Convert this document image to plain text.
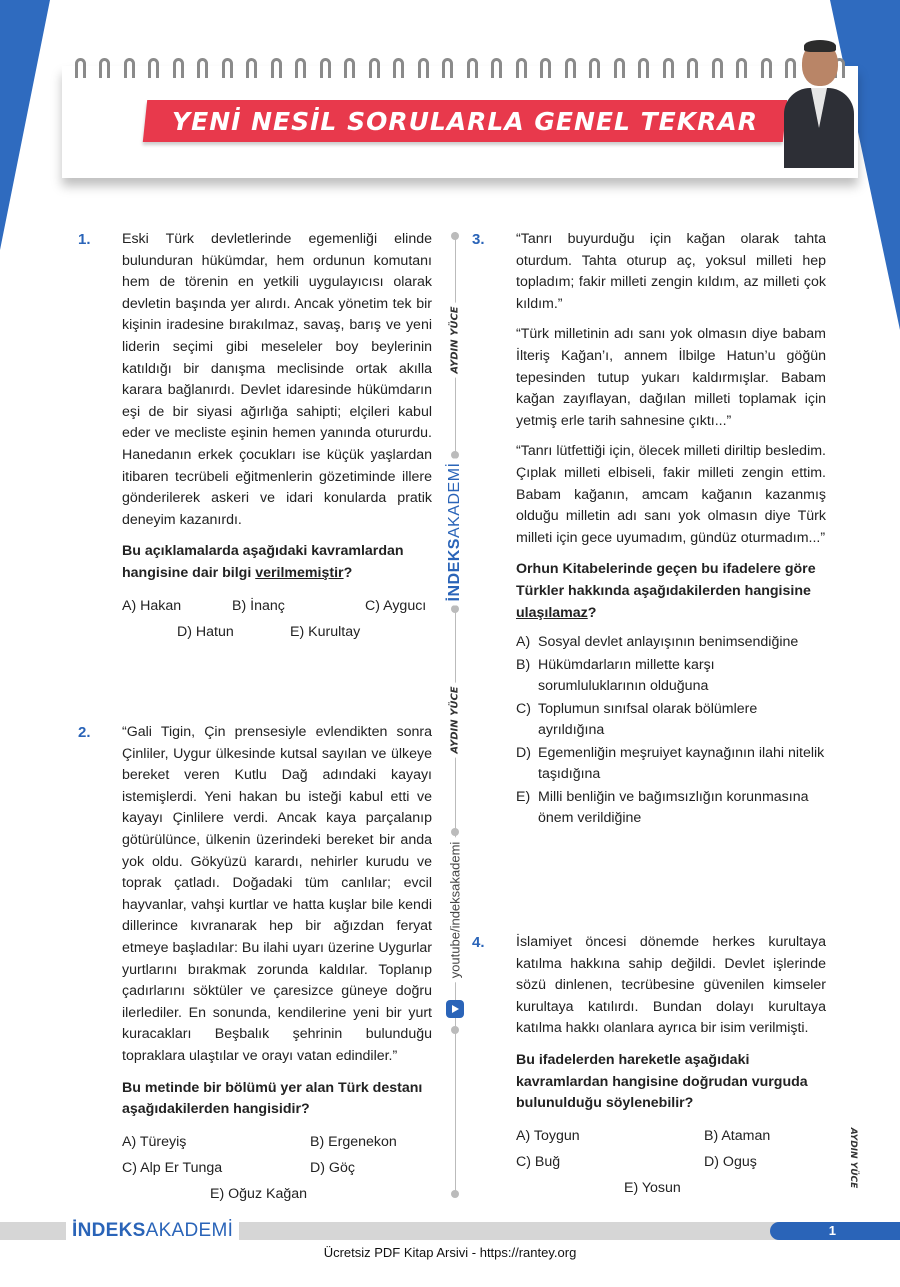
YENİ NESİL SORULARLA GENEL TEKRAR
AYDIN YÜCE
İNDEKSAKADEMİ
AYDIN YÜCE
youtube/indeksakademi
AYDIN YÜCE
1. Eski Türk devletlerinde egemenliği elinde bulunduran hükümdar, hem ordunun komutanı hem de törenin en yetkili uygulayıcısı olarak devletin başında yer alırdı. Ancak yönetim tek bir kişinin iradesine bırakılmaz, savaş, barış ve yeni liderin seçimi gibi meseleler boy beylerinin katıldığı bir danışma meclisinde ortak akılla karara bağlanırdı. Devlet idaresinde hükümdarın eşi de bir siyasi ağırlığa sahipti; elçileri kabul eder ve mecliste eşinin hemen yanında otururdu. Hanedanın erkek çocukları ise küçük yaşlardan itibaren tecrübeli eğitmenlerin gözetiminde illere gönderilerek askeri ve idari konularda pratik deneyim kazanırdı.
Bu açıklamalarda aşağıdaki kavramlardan hangisine dair bilgi verilmemiştir?
A) Hakan	B) İnanç	C) Aygucı
D) Hatun	E) Kurultay
2. “Gali Tigin, Çin prensesiyle evlendikten sonra Çinliler, Uygur ülkesinde kutsal sayılan ve ülkeye bereket veren Kutlu Dağ adındaki kayayı istemişlerdi. Yeni hakan bu isteği kabul etti ve kayayı Çinlilere verdi. Ancak kaya parçalanıp götürülünce, ülkenin üzerindeki bereket bir anda yok oldu. Gökyüzü karardı, nehirler kurudu ve toprak çatladı. Doğadaki tüm canlılar; evcil hayvanlar, vahşi kurtlar ve hatta kuşlar bile kendi dillerince kıvranarak hep bir ağızdan feryat etmeye başladılar: Bu ilahi uyarı üzerine Uygurlar yurtlarını bırakmak zorunda kaldılar. Toplanıp çadırlarını söktüler ve çaresizce güneye doğru ilerlediler. En sonunda, kendilerine yeni bir yurt kuracakları Beşbalık şehrinin bulunduğu topraklara ulaştılar ve orayı vatan edindiler.”
Bu metinde bir bölümü yer alan Türk destanı aşağıdakilerden hangisidir?
A) Türeyiş	B) Ergenekon
C) Alp Er Tunga	D) Göç
E) Oğuz Kağan
3. “Tanrı buyurduğu için kağan olarak tahta oturdum. Tahta oturup aç, yoksul milleti hep topladım; fakir milleti zengin kıldım, az milleti çok kıldım.”
“Türk milletinin adı sanı yok olmasın diye babam İlteriş Kağan’ı, annem İlbilge Hatun’u göğün tepesinden tutup yukarı kaldırmışlar. Babam kağan zayıflayan, dağılan milleti toplamak için yetmiş erle tarih sahnesine çıktı...”
“Tanrı lütfettiği için, ölecek milleti diriltip besledim. Çıplak milleti elbiseli, fakir milleti zengin ettim. Babam kağanın, amcam kağanın kazanmış olduğu milletin adı sanı yok olmasın diye Türk milleti için gece uyumadım, gündüz oturmadım...”
Orhun Kitabelerinde geçen bu ifadelere göre Türkler hakkında aşağıdakilerden hangisine ulaşılamaz?
A) Sosyal devlet anlayışının benimsendiğine
B) Hükümdarların millette karşı sorumluluklarının olduğuna
C) Toplumun sınıfsal olarak bölümlere ayrıldığına
D) Egemenliğin meşruiyet kaynağının ilahi nitelik taşıdığına
E) Milli benliğin ve bağımsızlığın korunmasına önem verildiğine
4. İslamiyet öncesi dönemde herkes kurultaya katılma hakkına sahip değildi. Devlet işlerinde sözü dinlenen, tecrübesine güvenilen kimseler kurultaya katılırdı. Bundan dolayı kurultaya katılma hakkı olanlara ayrıca bir isim verilmişti.
Bu ifadelerden hareketle aşağıdaki kavramlardan hangisine doğrudan vurguda bulunulduğu söylenebilir?
A) Toygun	B) Ataman
C) Buğ	D) Oguş
E) Yosun
İNDEKSAKADEMİ	1
Ücretsiz PDF Kitap Arsivi - https://rantey.org
